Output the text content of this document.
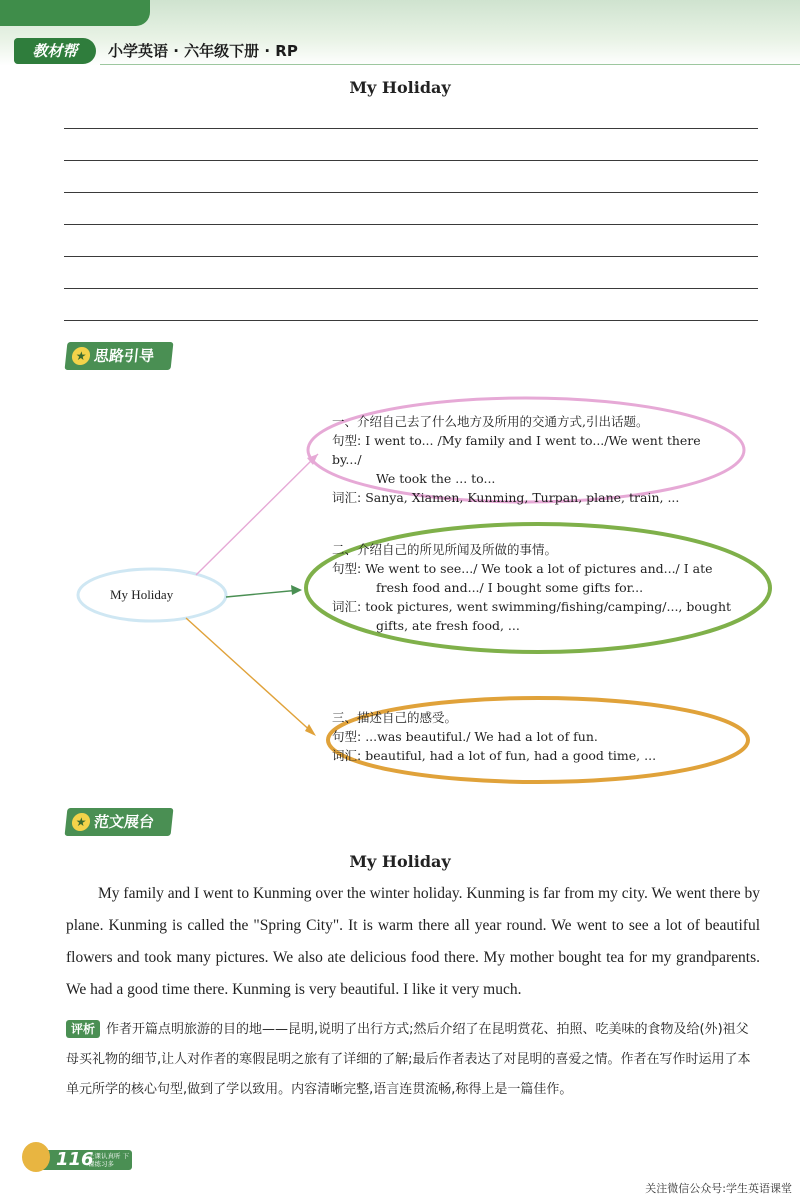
教材帮	小学英语 · 六年级下册 · RP
My Holiday
★ 思路引导
My Holiday
一、介绍自己去了什么地方及所用的交通方式,引出话题。
句型: I went to... /My family and I went to.../We went there by.../
We took the ... to...
词汇: Sanya, Xiamen, Kunming, Turpan, plane, train, ...
二、介绍自己的所见所闻及所做的事情。
句型: We went to see.../ We took a lot of pictures and.../ I ate
fresh food and.../ I bought some gifts for...
词汇: took pictures, went swimming/fishing/camping/..., bought
gifts, ate fresh food, ...
三、描述自己的感受。
句型: ...was beautiful./ We had a lot of fun.
词汇: beautiful, had a lot of fun, had a good time, ...
★ 范文展台
My Holiday
My family and I went to Kunming over the winter holiday. Kunming is far from my city. We went there by plane. Kunming is called the "Spring City". It is warm there all year round. We went to see a lot of beautiful flowers and took many pictures. We also ate delicious food there. My mother bought tea for my grandparents. We had a good time there. Kunming is very beautiful. I like it very much.
评析 作者开篇点明旅游的目的地——昆明,说明了出行方式;然后介绍了在昆明赏花、拍照、吃美味的食物及给(外)祖父母买礼物的细节,让人对作者的寒假昆明之旅有了详细的了解;最后作者表达了对昆明的喜爱之情。作者在写作时运用了本单元所学的核心句型,做到了学以致用。内容清晰完整,语言连贯流畅,称得上是一篇佳作。
116
上课认真听 下课练习多
关注微信公众号:学生英语课堂
